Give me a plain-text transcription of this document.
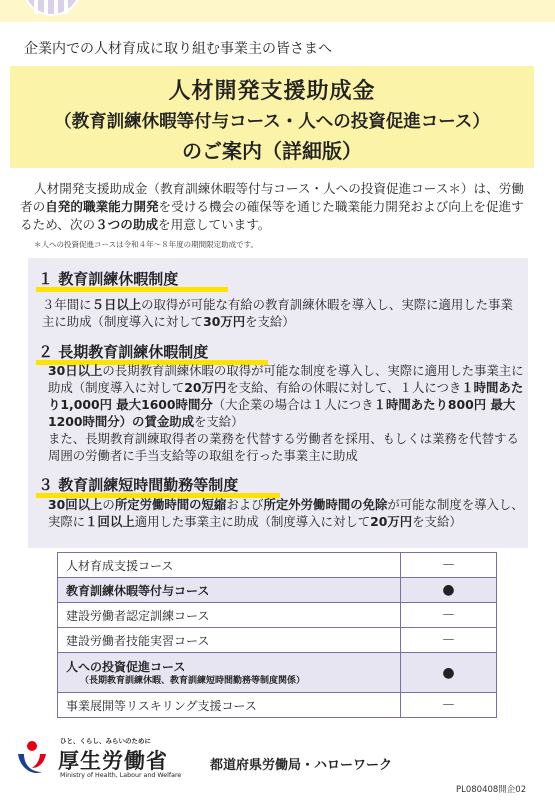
企業内での人材育成に取り組む事業主の皆さまへ
人材開発支援助成金
（教育訓練休暇等付与コース・人への投資促進コース）
のご案内（詳細版）
人材開発支援助成金（教育訓練休暇等付与コース・人への投資促進コース＊）は、労働者の自発的職業能力開発を受ける機会の確保等を通じた職業能力開発および向上を促進するため、次の３つの助成を用意しています。
＊人への投資促進コースは令和４年～８年度の期間限定助成です。
１ 教育訓練休暇制度
３年間に５日以上の取得が可能な有給の教育訓練休暇を導入し、実際に適用した事業主に助成（制度導入に対して30万円を支給）
２ 長期教育訓練休暇制度
30日以上の長期教育訓練休暇の取得が可能な制度を導入し、実際に適用した事業主に助成（制度導入に対して20万円を支給、有給の休暇に対して、１人につき１時間あたり1,000円 最大1600時間分（大企業の場合は１人につき１時間あたり800円 最大1200時間分）の賃金助成を支給）
また、長期教育訓練取得者の業務を代替する労働者を採用、もしくは業務を代替する周囲の労働者に手当支給等の取組を行った事業主に助成
３ 教育訓練短時間勤務等制度
30回以上の所定労働時間の短縮および所定外労働時間の免除が可能な制度を導入し、実際に１回以上適用した事業主に助成（制度導入に対して20万円を支給）
人材育成支援コース	－
教育訓練休暇等付与コース	●
建設労働者認定訓練コース	－
建設労働者技能実習コース	－
人への投資促進コース
（長期教育訓練休暇、教育訓練短時間勤務等制度関係）	●
事業展開等リスキリング支援コース	－
ひと、くらし、みらいのために
厚生労働省
Ministry of Health, Labour and Welfare
都道府県労働局・ハローワーク
PL080408開企02
